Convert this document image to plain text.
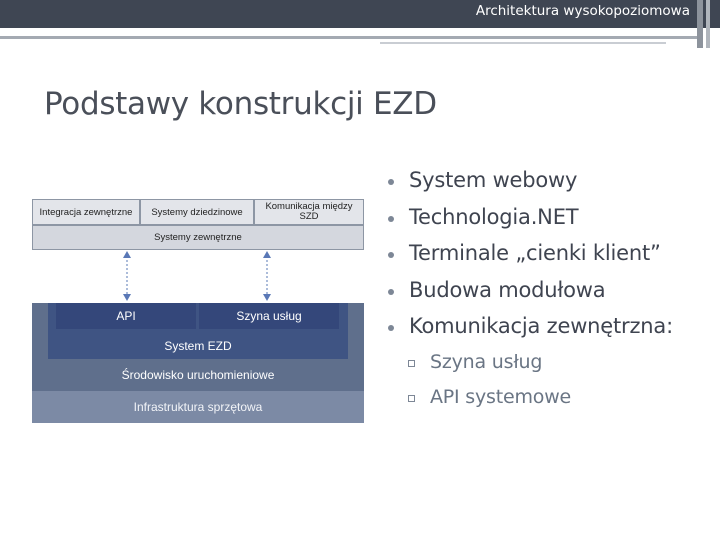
Architektura wysokopoziomowa
Podstawy konstrukcji EZD
Integracja zewnętrzne Systemy dziedzinowe Komunikacja między
SZD
Systemy zewnętrzne
System EZD
API	Szyna usług
Środowisko uruchomieniowe
Infrastruktura sprzętowa
System webowy
Technologia.NET
Terminale „cienki klient”
Budowa modułowa
Komunikacja zewnętrzna:
Szyna usług
API systemowe
